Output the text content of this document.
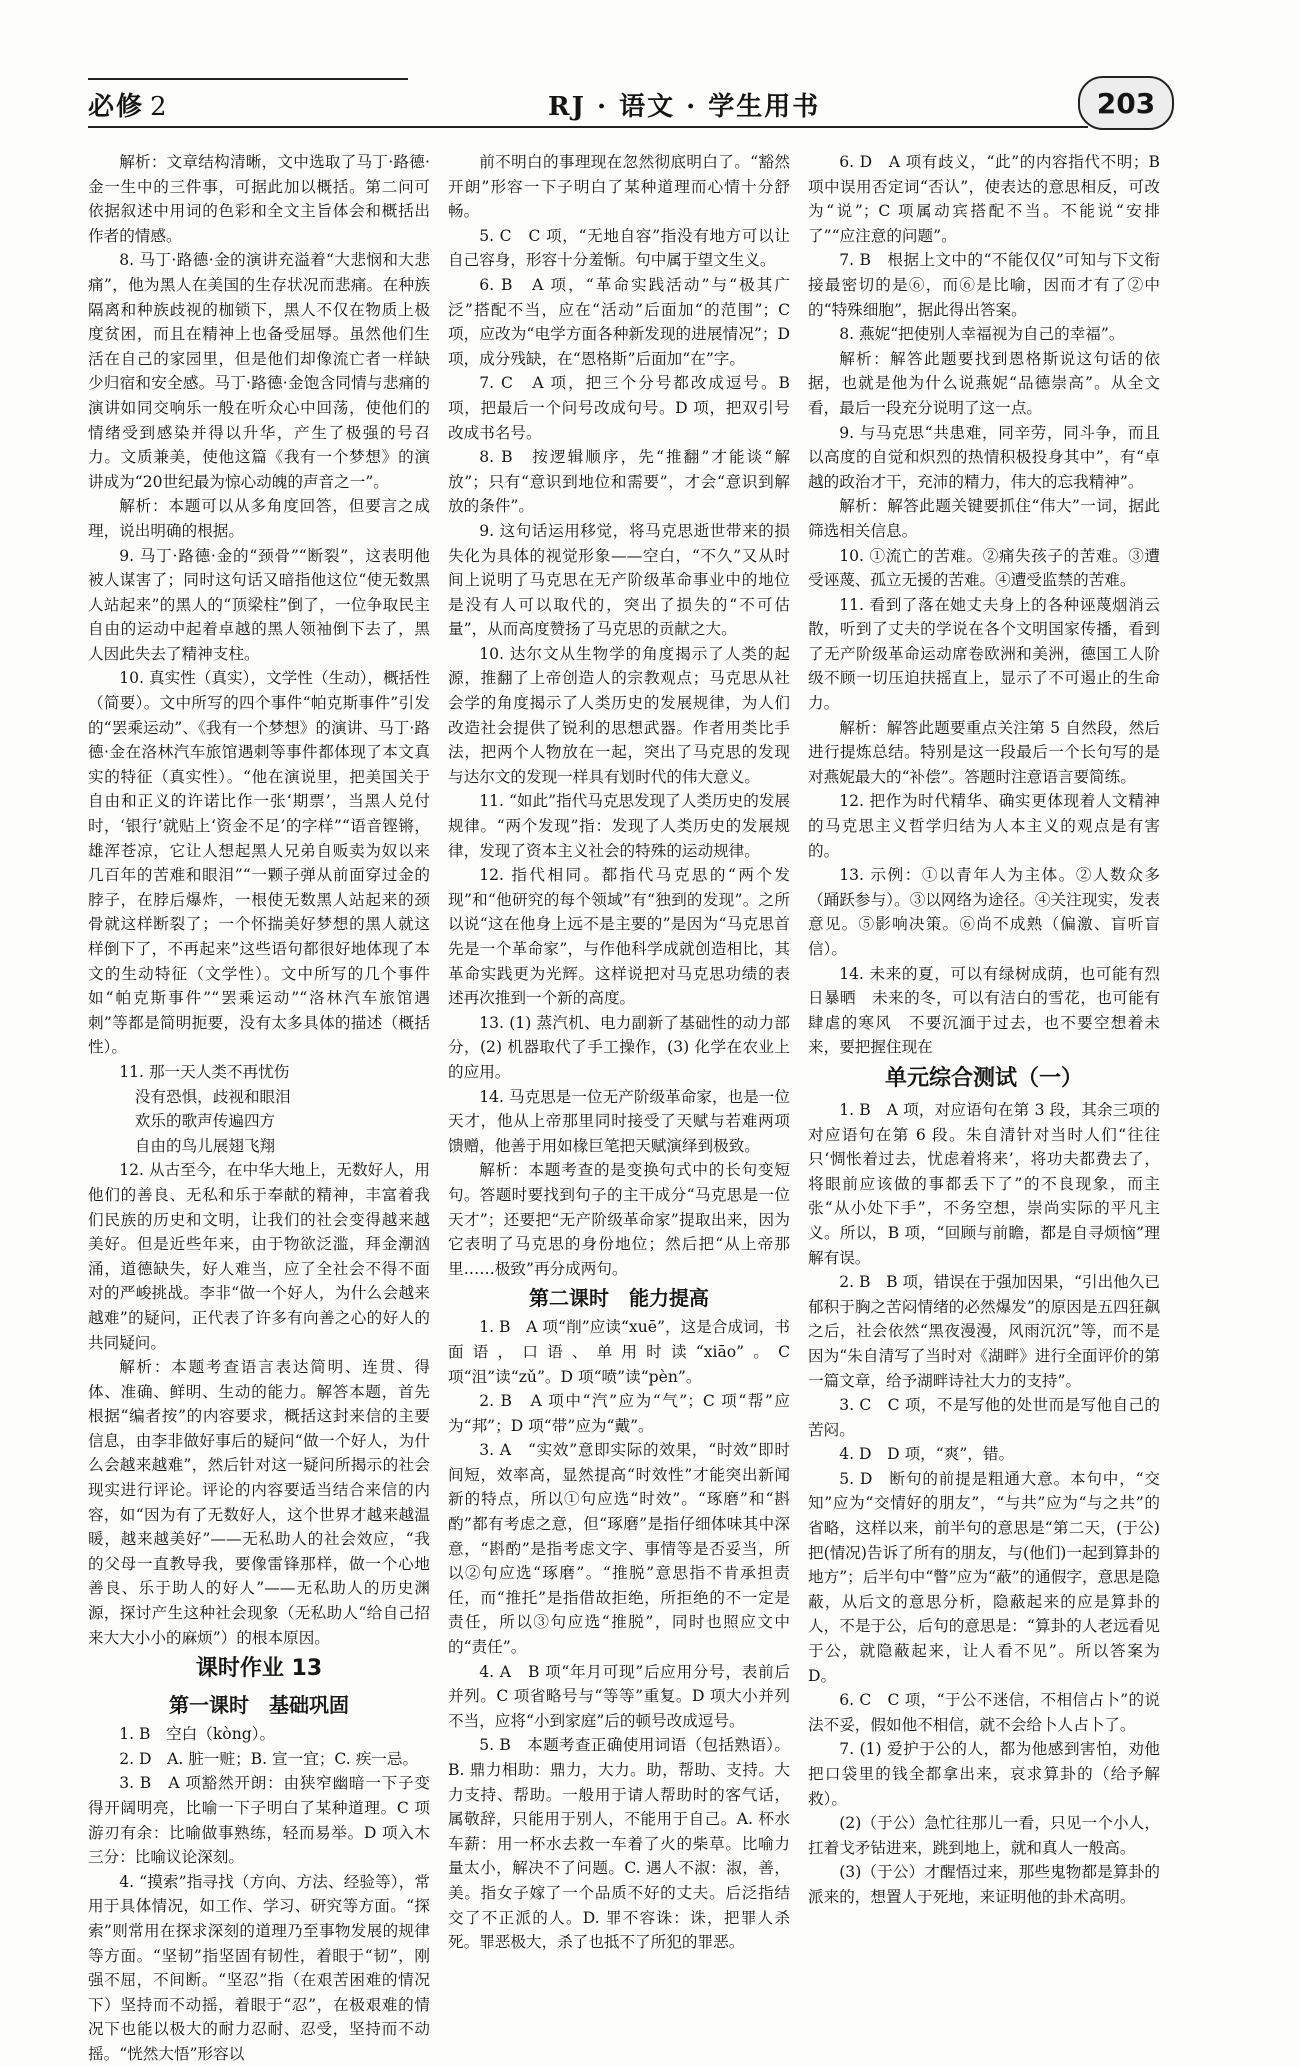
必修 2	RJ · 语文 · 学生用书	203

解析：文章结构清晰，文中选取了马丁·路德·金一生中的三件事，可据此加以概括。第二问可依据叙述中用词的色彩和全文主旨体会和概括出作者的情感。

8. 马丁·路德·金的演讲充溢着“大悲悯和大悲痛”，他为黑人在美国的生存状况而悲痛。在种族隔离和种族歧视的枷锁下，黑人不仅在物质上极度贫困，而且在精神上也备受屈辱。虽然他们生活在自己的家园里，但是他们却像流亡者一样缺少归宿和安全感。马丁·路德·金饱含同情与悲痛的演讲如同交响乐一般在听众心中回荡，使他们的情绪受到感染并得以升华，产生了极强的号召力。文质兼美，使他这篇《我有一个梦想》的演讲成为“20世纪最为惊心动魄的声音之一”。

解析：本题可以从多角度回答，但要言之成理，说出明确的根据。

9. 马丁·路德·金的“颈骨”“断裂”，这表明他被人谋害了；同时这句话又暗指他这位“使无数黑人站起来”的黑人的“顶梁柱”倒了，一位争取民主自由的运动中起着卓越的黑人领袖倒下去了，黑人因此失去了精神支柱。

10. 真实性（真实），文学性（生动），概括性（简要）。文中所写的四个事件“帕克斯事件”引发的“罢乘运动”、《我有一个梦想》的演讲、马丁·路德·金在洛林汽车旅馆遇刺等事件都体现了本文真实的特征（真实性）。“他在演说里，把美国关于自由和正义的许诺比作一张‘期票’，当黑人兑付时，‘银行’就贴上‘资金不足’的字样”“语音铿锵，雄浑苍凉，它让人想起黑人兄弟自贩卖为奴以来几百年的苦难和眼泪”“一颗子弹从前面穿过金的脖子，在脖后爆炸，一根使无数黑人站起来的颈骨就这样断裂了；一个怀揣美好梦想的黑人就这样倒下了，不再起来”这些语句都很好地体现了本文的生动特征（文学性）。文中所写的几个事件如“帕克斯事件”“罢乘运动”“洛林汽车旅馆遇刺”等都是简明扼要，没有太多具体的描述（概括性）。

11. 那一天人类不再忧伤

没有恐惧，歧视和眼泪

欢乐的歌声传遍四方

自由的鸟儿展翅飞翔

12. 从古至今，在中华大地上，无数好人，用他们的善良、无私和乐于奉献的精神，丰富着我们民族的历史和文明，让我们的社会变得越来越美好。但是近些年来，由于物欲泛滥，拜金潮汹涌，道德缺失，好人难当，应了全社会不得不面对的严峻挑战。李非“做一个好人，为什么会越来越难”的疑问，正代表了许多有向善之心的好人的共同疑问。

解析：本题考查语言表达简明、连贯、得体、准确、鲜明、生动的能力。解答本题，首先根据“编者按”的内容要求，概括这封来信的主要信息，由李非做好事后的疑问“做一个好人，为什么会越来越难”，然后针对这一疑问所揭示的社会现实进行评论。评论的内容要适当结合来信的内容，如“因为有了无数好人，这个世界才越来越温暖，越来越美好”——无私助人的社会效应，“我的父母一直教导我，要像雷锋那样，做一个心地善良、乐于助人的好人”——无私助人的历史渊源，探讨产生这种社会现象（无私助人“给自己招来大大小小的麻烦”）的根本原因。

课时作业 13

第一课时　基础巩固

1. B　空白（kòng）。

2. D　A. 脏一赃；B. 宣一宜；C. 疾一忌。

3. B　A 项豁然开朗：由狭窄幽暗一下子变得开阔明亮，比喻一下子明白了某种道理。C 项游刃有余：比喻做事熟练，轻而易举。D 项入木三分：比喻议论深刻。

4. “摸索”指寻找（方向、方法、经验等），常用于具体情况，如工作、学习、研究等方面。“探索”则常用在探求深刻的道理乃至事物发展的规律等方面。“坚韧”指坚固有韧性，着眼于“韧”，刚强不屈，不间断。“坚忍”指（在艰苦困难的情况下）坚持而不动摇，着眼于“忍”，在极艰难的情况下也能以极大的耐力忍耐、忍受，坚持而不动摇。“恍然大悟”形容以

前不明白的事理现在忽然彻底明白了。“豁然开朗”形容一下子明白了某种道理而心情十分舒畅。

5. C　C 项，“无地自容”指没有地方可以让自己容身，形容十分羞惭。句中属于望文生义。

6. B　A 项，“革命实践活动”与“极其广泛”搭配不当，应在“活动”后面加“的范围”；C 项，应改为“电学方面各种新发现的进展情况”；D 项，成分残缺，在“恩格斯”后面加“在”字。

7. C　A 项，把三个分号都改成逗号。B 项，把最后一个问号改成句号。D 项，把双引号改成书名号。

8. B　按逻辑顺序，先“推翻”才能谈“解放”；只有“意识到地位和需要”，才会“意识到解放的条件”。

9. 这句话运用移觉，将马克思逝世带来的损失化为具体的视觉形象——空白，“不久”又从时间上说明了马克思在无产阶级革命事业中的地位是没有人可以取代的，突出了损失的“不可估量”，从而高度赞扬了马克思的贡献之大。

10. 达尔文从生物学的角度揭示了人类的起源，推翻了上帝创造人的宗教观点；马克思从社会学的角度揭示了人类历史的发展规律，为人们改造社会提供了锐利的思想武器。作者用类比手法，把两个人物放在一起，突出了马克思的发现与达尔文的发现一样具有划时代的伟大意义。

11. “如此”指代马克思发现了人类历史的发展规律。“两个发现”指：发现了人类历史的发展规律，发现了资本主义社会的特殊的运动规律。

12. 指代相同。都指代马克思的“两个发现”和“他研究的每个领域”有“独到的发现”。之所以说“这在他身上远不是主要的”是因为“马克思首先是一个革命家”，与作他科学成就创造相比，其革命实践更为光辉。这样说把对马克思功绩的表述再次推到一个新的高度。

13. (1) 蒸汽机、电力副新了基础性的动力部分，(2) 机器取代了手工操作，(3) 化学在农业上的应用。

14. 马克思是一位无产阶级革命家，也是一位天才，他从上帝那里同时接受了天赋与若难两项馈赠，他善于用如椽巨笔把天赋演绎到极致。

解析：本题考查的是变换句式中的长句变短句。答题时要找到句子的主干成分“马克思是一位天才”；还要把“无产阶级革命家”提取出来，因为它表明了马克思的身份地位；然后把“从上帝那里……极致”再分成两句。

第二课时　能力提高

1. B　A 项“削”应读“xuē”，这是合成词，书面语，口语、单用时读“xiāo”。C 项“沮”读“zǔ”。D 项“喷”读“pèn”。

2. B　A 项中“汽”应为“气”；C 项“帮”应为“邦”；D 项“带”应为“戴”。

3. A　“实效”意即实际的效果，“时效”即时间短，效率高，显然提高“时效性”才能突出新闻新的特点，所以①句应选“时效”。“琢磨”和“斟酌”都有考虑之意，但“琢磨”是指仔细体味其中深意，“斟酌”是指考虑文字、事情等是否妥当，所以②句应选“琢磨”。“推脱”意思指不肯承担责任，而“推托”是指借故拒绝，所拒绝的不一定是责任，所以③句应选“推脱”，同时也照应文中的“责任”。

4. A　B 项“年月可现”后应用分号，表前后并列。C 项省略号与“等等”重复。D 项大小并列不当，应将“小到家庭”后的顿号改成逗号。

5. B　本题考查正确使用词语（包括熟语）。B. 鼎力相助：鼎力，大力。助，帮助、支持。大力支持、帮助。一般用于请人帮助时的客气话，属敬辞，只能用于别人，不能用于自己。A. 杯水车薪：用一杯水去救一车着了火的柴草。比喻力量太小，解决不了问题。C. 遇人不淑：淑，善，美。指女子嫁了一个品质不好的丈夫。后泛指结交了不正派的人。D. 罪不容诛：诛，把罪人杀死。罪恶极大，杀了也抵不了所犯的罪恶。

6. D　A 项有歧义，“此”的内容指代不明；B 项中误用否定词“否认”，使表达的意思相反，可改为“说”；C 项属动宾搭配不当。不能说“安排了”“应注意的问题”。

7. B　根据上文中的“不能仅仅”可知与下文衔接最密切的是⑥，而⑥是比喻，因而才有了②中的“特殊细胞”，据此得出答案。

8. 燕妮“把使别人幸福视为自己的幸福”。

解析：解答此题要找到恩格斯说这句话的依据，也就是他为什么说燕妮“品德崇高”。从全文看，最后一段充分说明了这一点。

9. 与马克思“共患难，同辛劳，同斗争，而且以高度的自觉和炽烈的热情积极投身其中”，有“卓越的政治才干，充沛的精力，伟大的忘我精神”。

解析：解答此题关键要抓住“伟大”一词，据此筛选相关信息。

10. ①流亡的苦难。②痛失孩子的苦难。③遭受诬蔑、孤立无援的苦难。④遭受监禁的苦难。

11. 看到了落在她丈夫身上的各种诬蔑烟消云散，听到了丈夫的学说在各个文明国家传播，看到了无产阶级革命运动席卷欧洲和美洲，德国工人阶级不顾一切压迫扶摇直上，显示了不可遏止的生命力。

解析：解答此题要重点关注第 5 自然段，然后进行提炼总结。特别是这一段最后一个长句写的是对燕妮最大的“补偿”。答题时注意语言要简练。

12. 把作为时代精华、确实更体现着人文精神的马克思主义哲学归结为人本主义的观点是有害的。

13. 示例：①以青年人为主体。②人数众多（踊跃参与）。③以网络为途径。④关注现实，发表意见。⑤影响决策。⑥尚不成熟（偏激、盲听盲信）。

14. 未来的夏，可以有绿树成荫，也可能有烈日暴晒　未来的冬，可以有洁白的雪花，也可能有肆虐的寒风　不要沉湎于过去，也不要空想着未来，要把握住现在

单元综合测试（一）

1. B　A 项，对应语句在第 3 段，其余三项的对应语句在第 6 段。朱自清针对当时人们“往往只‘惆怅着过去，忧虑着将来’，将功夫都费去了，将眼前应该做的事都丢下了”的不良现象，而主张“从小处下手”，不务空想，崇尚实际的平凡主义。所以，B 项，“回顾与前瞻，都是自寻烦恼”理解有误。

2. B　B 项，错误在于强加因果，“引出他久已郁积于胸之苦闷情绪的必然爆发”的原因是五四狂飙之后，社会依然“黑夜漫漫，风雨沉沉”等，而不是因为“朱自清写了当时对《湖畔》进行全面评价的第一篇文章，给予湖畔诗社大力的支持”。

3. C　C 项，不是写他的处世而是写他自己的苦闷。

4. D　D 项，“爽”，错。

5. D　断句的前提是粗通大意。本句中，“交知”应为“交情好的朋友”，“与共”应为“与之共”的省略，这样以来，前半句的意思是“第二天，(于公)把(情况)告诉了所有的朋友，与(他们)一起到算卦的地方”；后半句中“瞥”应为“蔽”的通假字，意思是隐蔽，从后文的意思分析，隐蔽起来的应是算卦的人，不是于公，后句的意思是：“算卦的人老远看见于公，就隐蔽起来，让人看不见”。所以答案为 D。

6. C　C 项，“于公不迷信，不相信占卜”的说法不妥，假如他不相信，就不会给卜人占卜了。

7. (1) 爱护于公的人，都为他感到害怕，劝他把口袋里的钱全都拿出来，哀求算卦的（给予解救）。

(2)（于公）急忙往那儿一看，只见一个小人，扛着戈矛钻进来，跳到地上，就和真人一般高。

(3)（于公）才醒悟过来，那些鬼物都是算卦的派来的，想置人于死地，来证明他的卦术高明。
